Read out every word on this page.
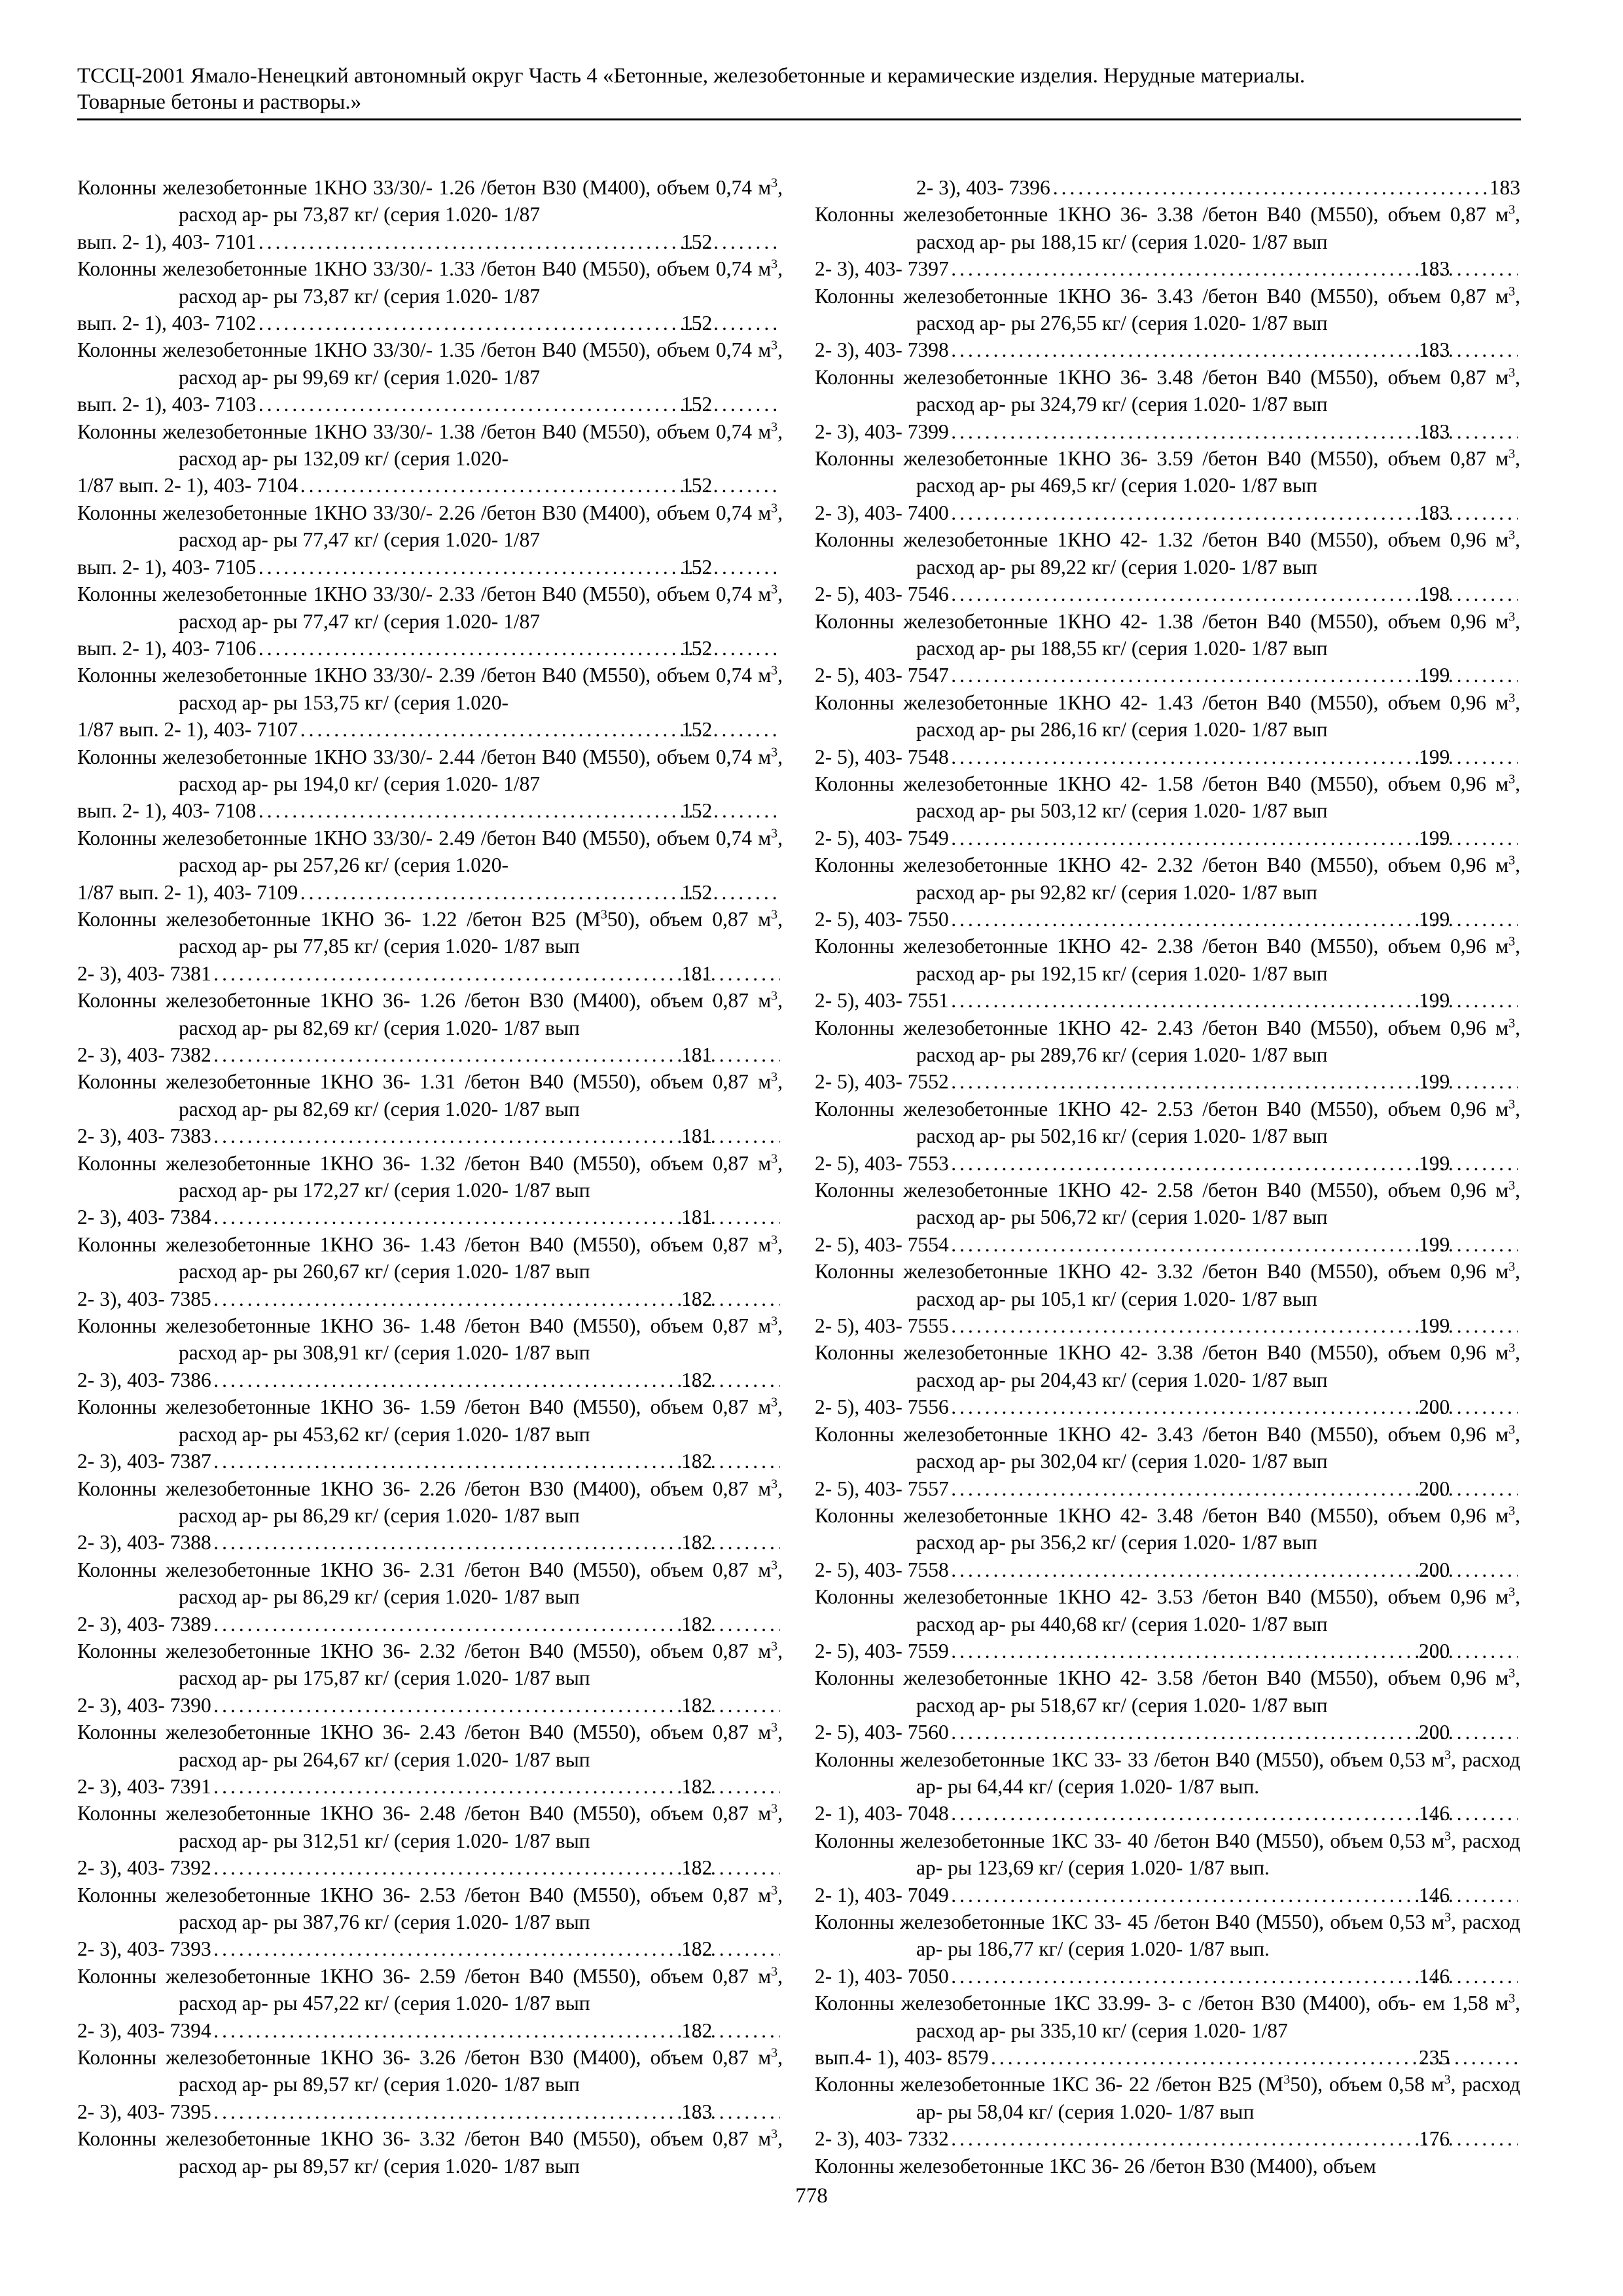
ТССЦ-2001 Ямало-Ненецкий автономный округ Часть 4 «Бетонные, железобетонные и керамические изделия. Нерудные материалы.
Товарные бетоны и растворы.»
Колонны железобетонные 1КНО 33/30/- 1.26 /бетон В30 (М400), объем 0,74 $м^3$, расход ар- ры 73,87 кг/ (серия 1.020- 1/87
вып. 2- 1), 403- 7101 .....	152
Колонны железобетонные 1КНО 33/30/- 1.33 /бетон В40 (М550), объем 0,74 $м^3$, расход ар- ры 73,87 кг/ (серия 1.020- 1/87
вып. 2- 1), 403- 7102 .....	152
Колонны железобетонные 1КНО 33/30/- 1.35 /бетон В40 (М550), объем 0,74 $м^3$, расход ар- ры 99,69 кг/ (серия 1.020- 1/87
вып. 2- 1), 403- 7103 .....	152
Колонны железобетонные 1КНО 33/30/- 1.38 /бетон В40 (М550), объем 0,74 $м^3$, расход ар- ры 132,09 кг/ (серия 1.020-
1/87 вып. 2- 1), 403- 7104 .....	152
Колонны железобетонные 1КНО 33/30/- 2.26 /бетон В30 (М400), объем 0,74 $м^3$, расход ар- ры 77,47 кг/ (серия 1.020- 1/87
вып. 2- 1), 403- 7105 .....	152
Колонны железобетонные 1КНО 33/30/- 2.33 /бетон В40 (М550), объем 0,74 $м^3$, расход ар- ры 77,47 кг/ (серия 1.020- 1/87
вып. 2- 1), 403- 7106 .....	152
Колонны железобетонные 1КНО 33/30/- 2.39 /бетон В40 (М550), объем 0,74 $м^3$, расход ар- ры 153,75 кг/ (серия 1.020-
1/87 вып. 2- 1), 403- 7107 .....	152
Колонны железобетонные 1КНО 33/30/- 2.44 /бетон В40 (М550), объем 0,74 $м^3$, расход ар- ры 194,0 кг/ (серия 1.020- 1/87
вып. 2- 1), 403- 7108 .....	152
Колонны железобетонные 1КНО 33/30/- 2.49 /бетон В40 (М550), объем 0,74 $м^3$, расход ар- ры 257,26 кг/ (серия 1.020-
1/87 вып. 2- 1), 403- 7109 .....	152
Колонны железобетонные 1КНО 36- 1.22 /бетон В25 $(М^350)$, объем 0,87 $м^3$, расход ар- ры 77,85 кг/ (серия 1.020- 1/87 вып
2- 3), 403- 7381 .....	181
Колонны железобетонные 1КНО 36- 1.26 /бетон В30 (М400), объем 0,87 $м^3$, расход ар- ры 82,69 кг/ (серия 1.020- 1/87 вып
2- 3), 403- 7382 .....	181
Колонны железобетонные 1КНО 36- 1.31 /бетон В40 (М550), объем 0,87 $м^3$, расход ар- ры 82,69 кг/ (серия 1.020- 1/87 вып
2- 3), 403- 7383 .....	181
Колонны железобетонные 1КНО 36- 1.32 /бетон В40 (М550), объем 0,87 $м^3$, расход ар- ры 172,27 кг/ (серия 1.020- 1/87 вып
2- 3), 403- 7384 .....	181
Колонны железобетонные 1КНО 36- 1.43 /бетон В40 (М550), объем 0,87 $м^3$, расход ар- ры 260,67 кг/ (серия 1.020- 1/87 вып
2- 3), 403- 7385 .....	182
Колонны железобетонные 1КНО 36- 1.48 /бетон В40 (М550), объем 0,87 $м^3$, расход ар- ры 308,91 кг/ (серия 1.020- 1/87 вып
2- 3), 403- 7386 .....	182
Колонны железобетонные 1КНО 36- 1.59 /бетон В40 (М550), объем 0,87 $м^3$, расход ар- ры 453,62 кг/ (серия 1.020- 1/87 вып
2- 3), 403- 7387 .....	182
Колонны железобетонные 1КНО 36- 2.26 /бетон В30 (М400), объем 0,87 $м^3$, расход ар- ры 86,29 кг/ (серия 1.020- 1/87 вып
2- 3), 403- 7388 .....	182
Колонны железобетонные 1КНО 36- 2.31 /бетон В40 (М550), объем 0,87 $м^3$, расход ар- ры 86,29 кг/ (серия 1.020- 1/87 вып
2- 3), 403- 7389 .....	182
Колонны железобетонные 1КНО 36- 2.32 /бетон В40 (М550), объем 0,87 $м^3$, расход ар- ры 175,87 кг/ (серия 1.020- 1/87 вып
2- 3), 403- 7390 .....	182
Колонны железобетонные 1КНО 36- 2.43 /бетон В40 (М550), объем 0,87 $м^3$, расход ар- ры 264,67 кг/ (серия 1.020- 1/87 вып
2- 3), 403- 7391 .....	182
Колонны железобетонные 1КНО 36- 2.48 /бетон В40 (М550), объем 0,87 $м^3$, расход ар- ры 312,51 кг/ (серия 1.020- 1/87 вып
2- 3), 403- 7392 .....	182
Колонны железобетонные 1КНО 36- 2.53 /бетон В40 (М550), объем 0,87 $м^3$, расход ар- ры 387,76 кг/ (серия 1.020- 1/87 вып
2- 3), 403- 7393 .....	182
Колонны железобетонные 1КНО 36- 2.59 /бетон В40 (М550), объем 0,87 $м^3$, расход ар- ры 457,22 кг/ (серия 1.020- 1/87 вып
2- 3), 403- 7394 .....	182
Колонны железобетонные 1КНО 36- 3.26 /бетон В30 (М400), объем 0,87 $м^3$, расход ар- ры 89,57 кг/ (серия 1.020- 1/87 вып
2- 3), 403- 7395 .....	183
Колонны железобетонные 1КНО 36- 3.32 /бетон В40 (М550), объем 0,87 $м^3$, расход ар- ры 89,57 кг/ (серия 1.020- 1/87 вып
2- 3), 403- 7396 .....	183
Колонны железобетонные 1КНО 36- 3.38 /бетон В40 (М550), объем 0,87 $м^3$, расход ар- ры 188,15 кг/ (серия 1.020- 1/87 вып
2- 3), 403- 7397 .....	183
Колонны железобетонные 1КНО 36- 3.43 /бетон В40 (М550), объем 0,87 $м^3$, расход ар- ры 276,55 кг/ (серия 1.020- 1/87 вып
2- 3), 403- 7398 .....	183
Колонны железобетонные 1КНО 36- 3.48 /бетон В40 (М550), объем 0,87 $м^3$, расход ар- ры 324,79 кг/ (серия 1.020- 1/87 вып
2- 3), 403- 7399 .....	183
Колонны железобетонные 1КНО 36- 3.59 /бетон В40 (М550), объем 0,87 $м^3$, расход ар- ры 469,5 кг/ (серия 1.020- 1/87 вып
2- 3), 403- 7400 .....	183
Колонны железобетонные 1КНО 42- 1.32 /бетон В40 (М550), объем 0,96 $м^3$, расход ар- ры 89,22 кг/ (серия 1.020- 1/87 вып
2- 5), 403- 7546 .....	198
Колонны железобетонные 1КНО 42- 1.38 /бетон В40 (М550), объем 0,96 $м^3$, расход ар- ры 188,55 кг/ (серия 1.020- 1/87 вып
2- 5), 403- 7547 .....	199
Колонны железобетонные 1КНО 42- 1.43 /бетон В40 (М550), объем 0,96 $м^3$, расход ар- ры 286,16 кг/ (серия 1.020- 1/87 вып
2- 5), 403- 7548 .....	199
Колонны железобетонные 1КНО 42- 1.58 /бетон В40 (М550), объем 0,96 $м^3$, расход ар- ры 503,12 кг/ (серия 1.020- 1/87 вып
2- 5), 403- 7549 .....	199
Колонны железобетонные 1КНО 42- 2.32 /бетон В40 (М550), объем 0,96 $м^3$, расход ар- ры 92,82 кг/ (серия 1.020- 1/87 вып
2- 5), 403- 7550 .....	199
Колонны железобетонные 1КНО 42- 2.38 /бетон В40 (М550), объем 0,96 $м^3$, расход ар- ры 192,15 кг/ (серия 1.020- 1/87 вып
2- 5), 403- 7551 .....	199
Колонны железобетонные 1КНО 42- 2.43 /бетон В40 (М550), объем 0,96 $м^3$, расход ар- ры 289,76 кг/ (серия 1.020- 1/87 вып
2- 5), 403- 7552 .....	199
Колонны железобетонные 1КНО 42- 2.53 /бетон В40 (М550), объем 0,96 $м^3$, расход ар- ры 502,16 кг/ (серия 1.020- 1/87 вып
2- 5), 403- 7553 .....	199
Колонны железобетонные 1КНО 42- 2.58 /бетон В40 (М550), объем 0,96 $м^3$, расход ар- ры 506,72 кг/ (серия 1.020- 1/87 вып
2- 5), 403- 7554 .....	199
Колонны железобетонные 1КНО 42- 3.32 /бетон В40 (М550), объем 0,96 $м^3$, расход ар- ры 105,1 кг/ (серия 1.020- 1/87 вып
2- 5), 403- 7555 .....	199
Колонны железобетонные 1КНО 42- 3.38 /бетон В40 (М550), объем 0,96 $м^3$, расход ар- ры 204,43 кг/ (серия 1.020- 1/87 вып
2- 5), 403- 7556 .....	200
Колонны железобетонные 1КНО 42- 3.43 /бетон В40 (М550), объем 0,96 $м^3$, расход ар- ры 302,04 кг/ (серия 1.020- 1/87 вып
2- 5), 403- 7557 .....	200
Колонны железобетонные 1КНО 42- 3.48 /бетон В40 (М550), объем 0,96 $м^3$, расход ар- ры 356,2 кг/ (серия 1.020- 1/87 вып
2- 5), 403- 7558 .....	200
Колонны железобетонные 1КНО 42- 3.53 /бетон В40 (М550), объем 0,96 $м^3$, расход ар- ры 440,68 кг/ (серия 1.020- 1/87 вып
2- 5), 403- 7559 .....	200
Колонны железобетонные 1КНО 42- 3.58 /бетон В40 (М550), объем 0,96 $м^3$, расход ар- ры 518,67 кг/ (серия 1.020- 1/87 вып
2- 5), 403- 7560 .....	200
Колонны железобетонные 1КС 33- 33 /бетон В40 (М550), объем 0,53 $м^3$, расход ар- ры 64,44 кг/ (серия 1.020- 1/87 вып.
2- 1), 403- 7048 .....	146
Колонны железобетонные 1КС 33- 40 /бетон В40 (М550), объем 0,53 $м^3$, расход ар- ры 123,69 кг/ (серия 1.020- 1/87 вып.
2- 1), 403- 7049 .....	146
Колонны железобетонные 1КС 33- 45 /бетон В40 (М550), объем 0,53 $м^3$, расход ар- ры 186,77 кг/ (серия 1.020- 1/87 вып.
2- 1), 403- 7050 .....	146
Колонны железобетонные 1КС 33.99- 3- с /бетон В30 (М400), объ- ем 1,58 $м^3$, расход ар- ры 335,10 кг/ (серия 1.020- 1/87
вып.4- 1), 403- 8579 .....	235
Колонны железобетонные 1КС 36- 22 /бетон В25 $(М^350)$, объем 0,58 $м^3$, расход ар- ры 58,04 кг/ (серия 1.020- 1/87 вып
2- 3), 403- 7332 .....	176
Колонны железобетонные 1КС 36- 26 /бетон В30 (М400), объем
778
